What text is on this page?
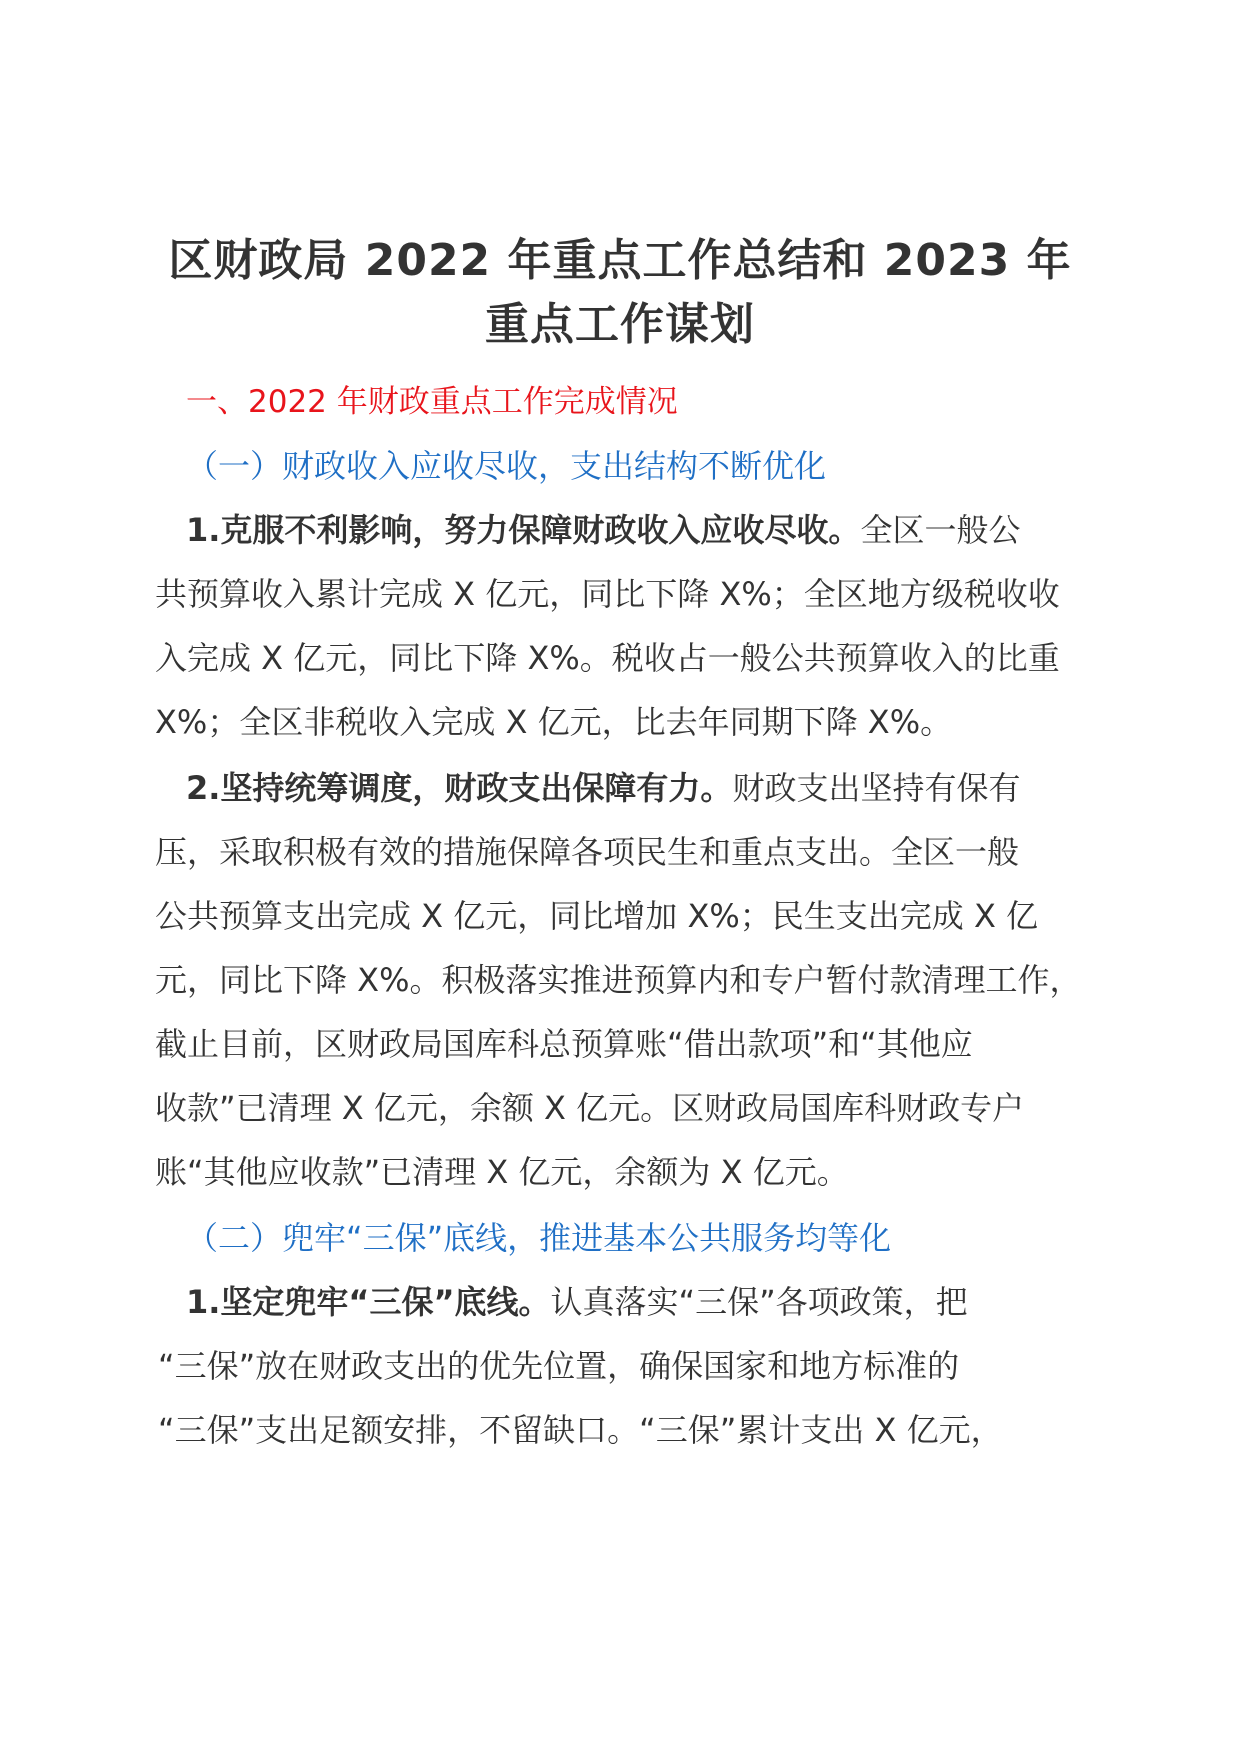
区财政局 2022 年重点工作总结和 2023 年
重点工作谋划
一、2022 年财政重点工作完成情况
（一）财政收入应收尽收，支出结构不断优化
1.克服不利影响，努力保障财政收入应收尽收。全区一般公
共预算收入累计完成 X 亿元，同比下降 X%；全区地方级税收收
入完成 X 亿元，同比下降 X%。税收占一般公共预算收入的比重
X%；全区非税收入完成 X 亿元，比去年同期下降 X%。
2.坚持统筹调度，财政支出保障有力。财政支出坚持有保有
压，采取积极有效的措施保障各项民生和重点支出。全区一般
公共预算支出完成 X 亿元，同比增加 X%；民生支出完成 X 亿
元，同比下降 X%。积极落实推进预算内和专户暂付款清理工作，
截止目前，区财政局国库科总预算账“借出款项”和“其他应
收款”已清理 X 亿元，余额 X 亿元。区财政局国库科财政专户
账“其他应收款”已清理 X 亿元，余额为 X 亿元。
（二）兜牢“三保”底线，推进基本公共服务均等化
1.坚定兜牢“三保”底线。认真落实“三保”各项政策，把
“三保”放在财政支出的优先位置，确保国家和地方标准的
“三保”支出足额安排，不留缺口。“三保”累计支出 X 亿元，
